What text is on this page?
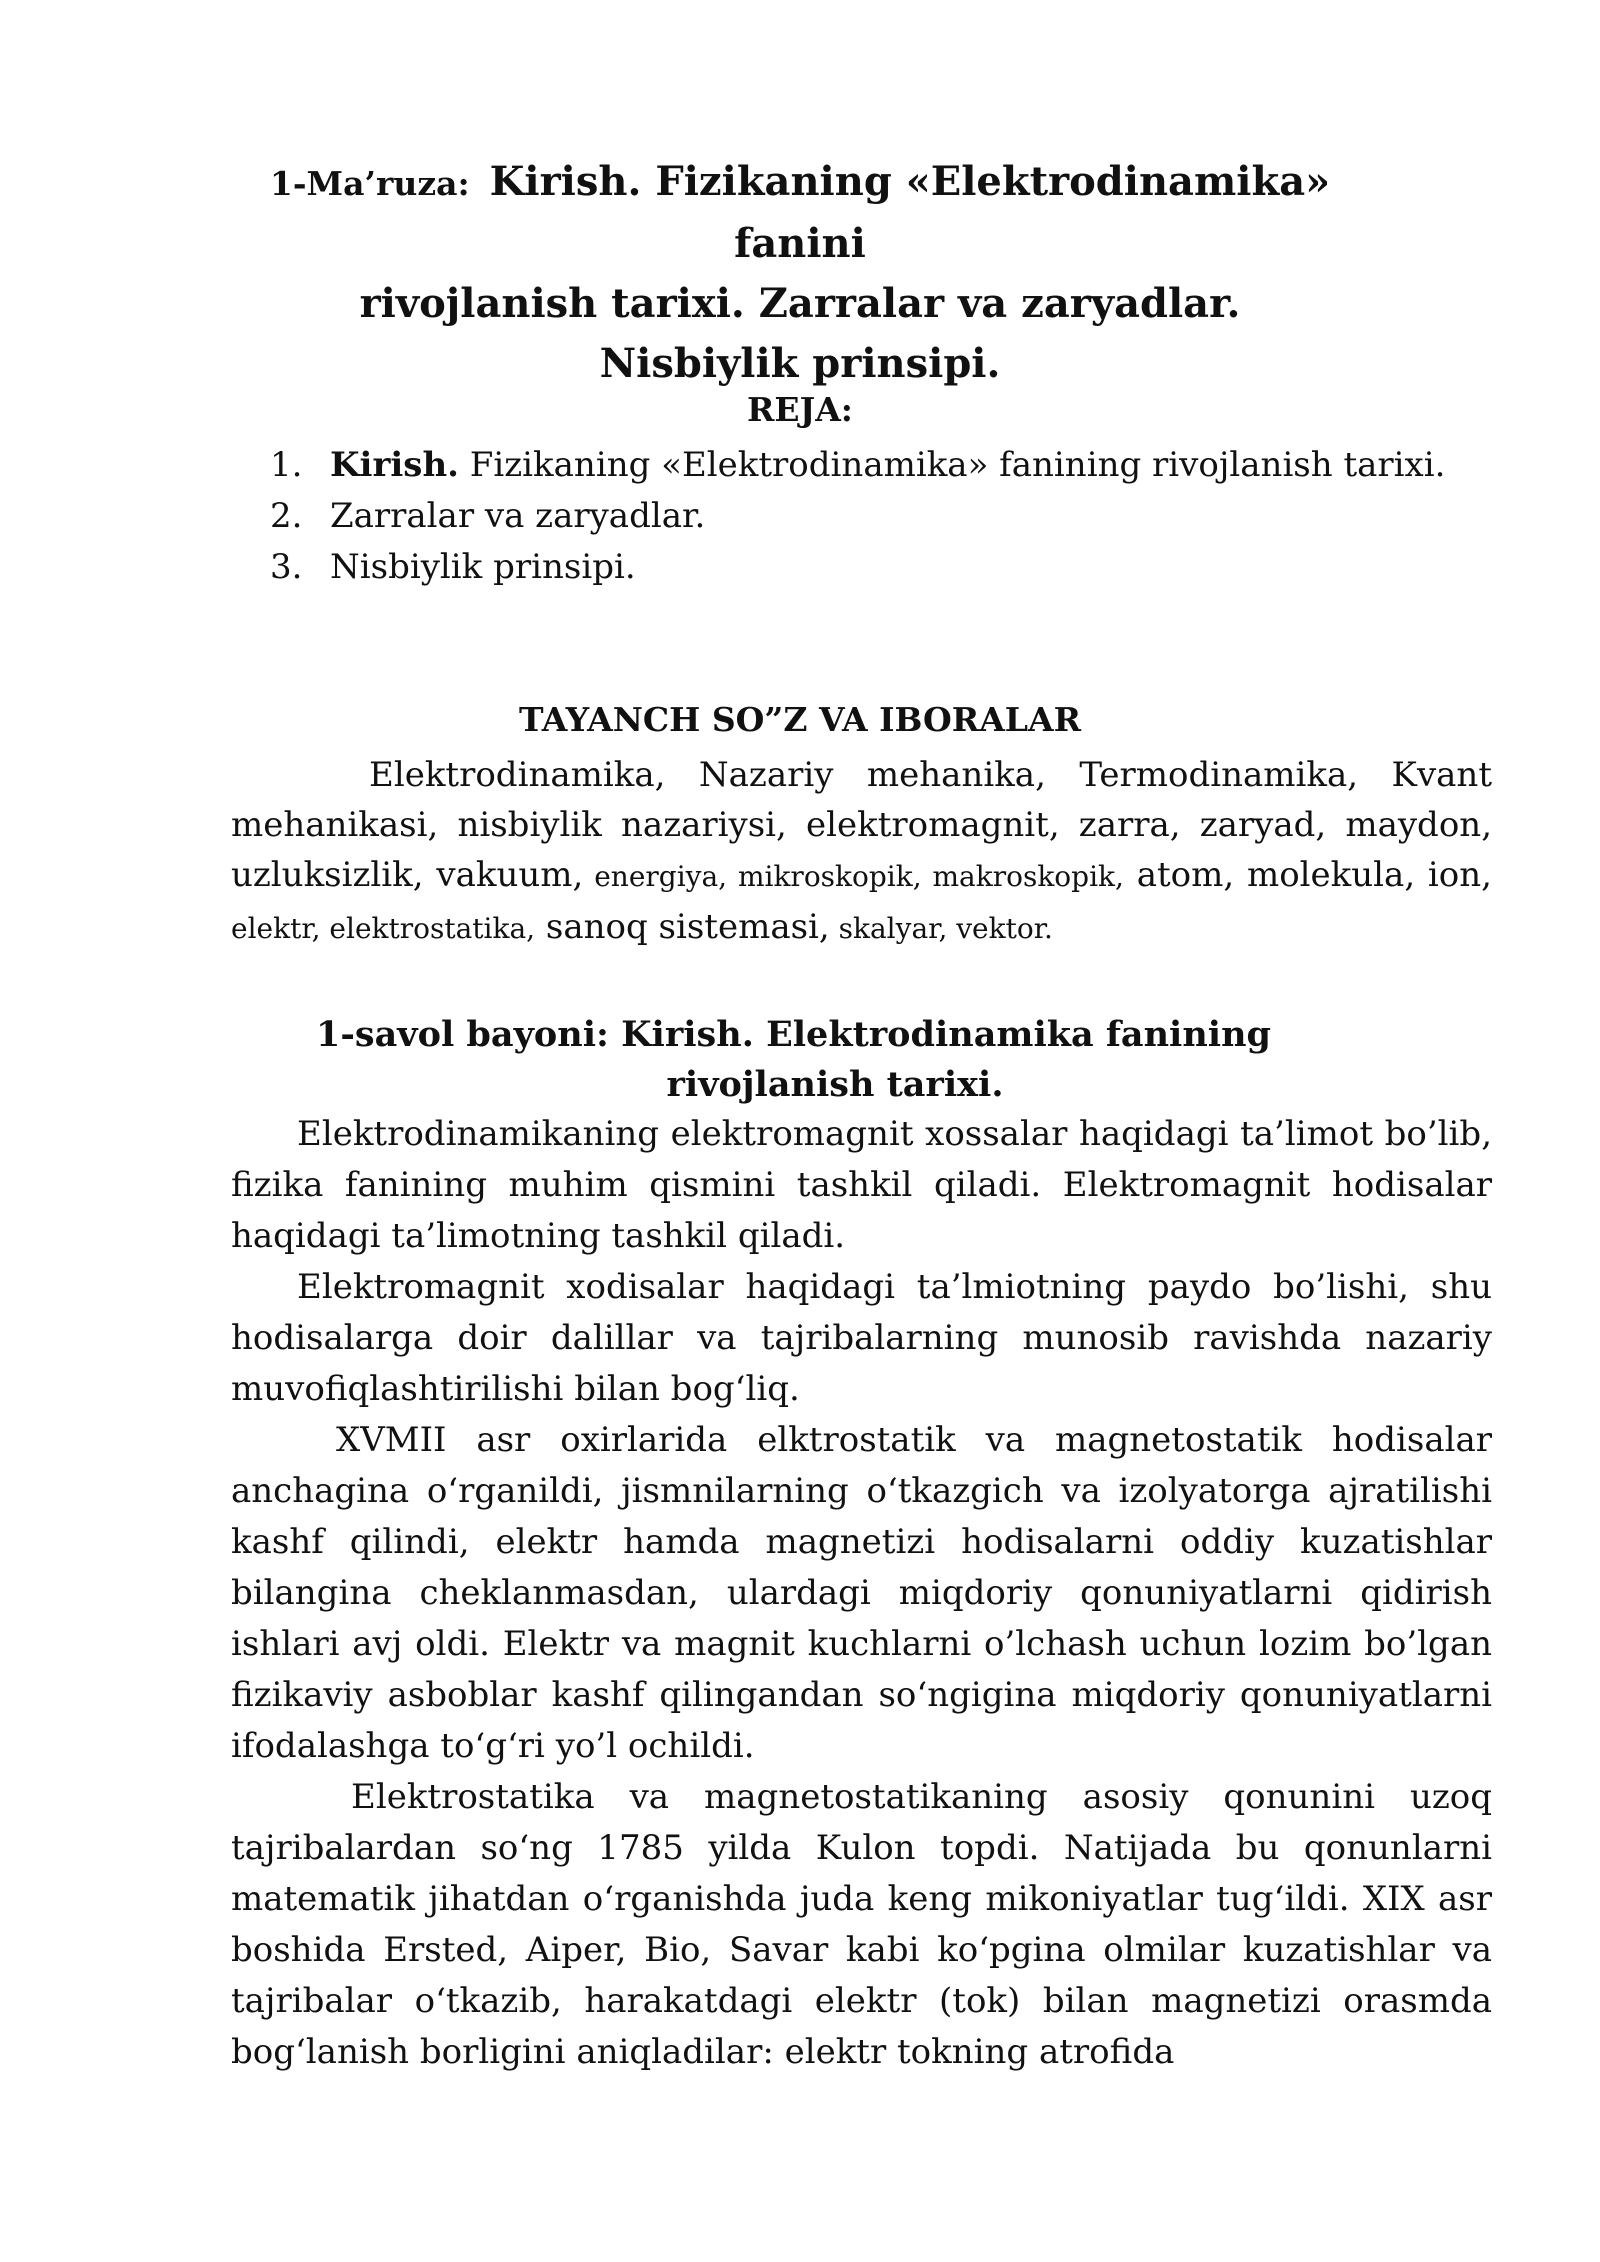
1-Ma’ruza: Kirish. Fizikaning «Elektrodinamika» fanini
rivojlanish tarixi. Zarralar va zaryadlar.
Nisbiylik prinsipi.
REJA:
1. Kirish. Fizikaning «Elektrodinamika» fanining rivojlanish tarixi.
2. Zarralar va zaryadlar.
3. Nisbiylik prinsipi.
TAYANCH SO”Z VA IBORALAR

Elektrodinamika, Nazariy mehanika, Termodinamika, Kvant mehanikasi, nisbiylik nazariysi, elektromagnit, zarra, zaryad, maydon, uzluksizlik, vakuum, energiya, mikroskopik, makroskopik, atom, molekula, ion, elektr, elektrostatika, sanoq sistemasi, skalyar, vektor.

1-savol bayoni: Kirish. Elektrodinamika fanining
rivojlanish tarixi.

Elektrodinamikaning elektromagnit xossalar haqidagi ta’limot bo’lib, fizika fanining muhim qismini tashkil qiladi. Elektromagnit hodisalar haqidagi ta’limotning tashkil qiladi.

Elektromagnit xodisalar haqidagi ta’lmiotning paydo bo’lishi, shu hodisalarga doir dalillar va tajribalarning munosib ravishda nazariy muvofiqlashtirilishi bilan bog‘liq.

XVMII asr oxirlarida elktrostatik va magnetostatik hodisalar anchagina o‘rganildi, jismnilarning o‘tkazgich va izolyatorga ajratilishi kashf qilindi, elektr hamda magnetizi hodisalarni oddiy kuzatishlar bilangina cheklanmasdan, ulardagi miqdoriy qonuniyatlarni qidirish ishlari avj oldi. Elektr va magnit kuchlarni o’lchash uchun lozim bo’lgan fizikaviy asboblar kashf qilingandan so‘ngigina miqdoriy qonuniyatlarni ifodalashga to‘g‘ri yo’l ochildi.

Elektrostatika va magnetostatikaning asosiy qonunini uzoq tajribalardan so‘ng 1785 yilda Kulon topdi. Natijada bu qonunlarni matematik jihatdan o‘rganishda juda keng mikoniyatlar tug‘ildi. XIX asr boshida Ersted, Aiper, Bio, Savar kabi ko‘pgina olmilar kuzatishlar va tajribalar o‘tkazib, harakatdagi elektr (tok) bilan magnetizi orasmda bog‘lanish borligini aniqladilar: elektr tokning atrofida
